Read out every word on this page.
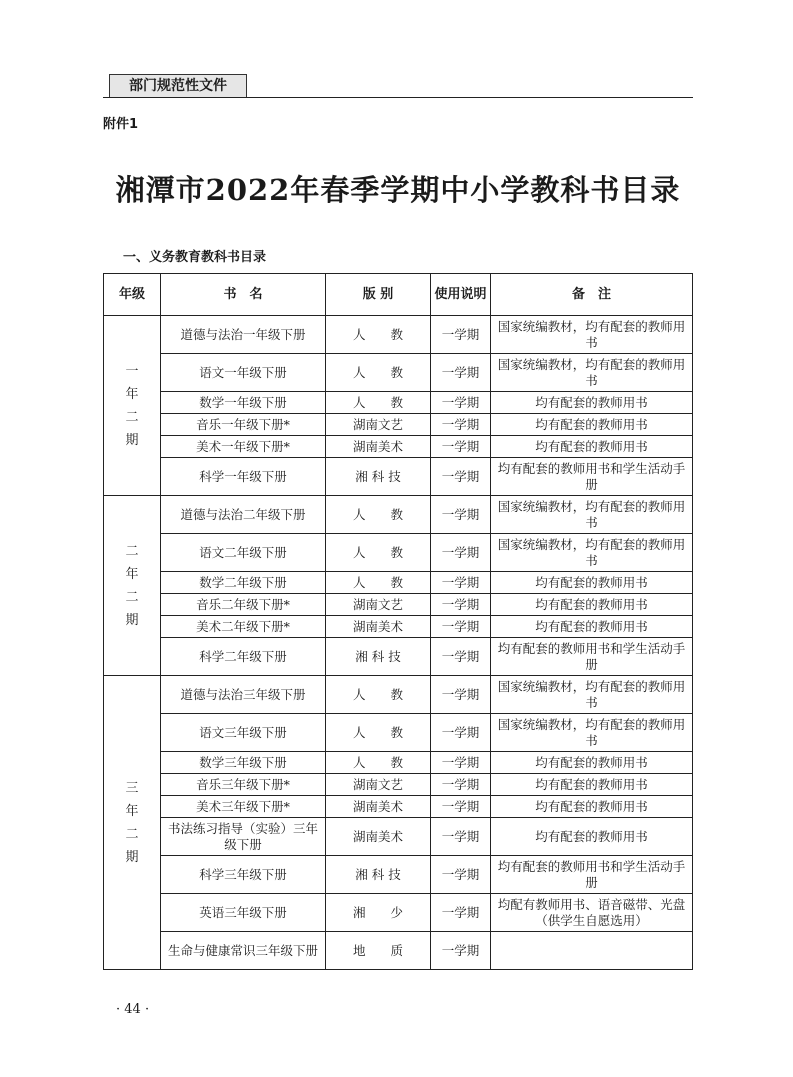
部门规范性文件
附件1
湘潭市2022年春季学期中小学教科书目录
一、义务教育教科书目录
年级	书　名	版 别	使用说明	备　注
一年二期	道德与法治一年级下册	人　　教	一学期	国家统编教材，均有配套的教师用书
	语文一年级下册	人　　教	一学期	国家统编教材，均有配套的教师用书
	数学一年级下册	人　　教	一学期	均有配套的教师用书
	音乐一年级下册*	湖南文艺	一学期	均有配套的教师用书
	美术一年级下册*	湖南美术	一学期	均有配套的教师用书
	科学一年级下册	湘 科 技	一学期	均有配套的教师用书和学生活动手册
二年二期	道德与法治二年级下册	人　　教	一学期	国家统编教材，均有配套的教师用书
	语文二年级下册	人　　教	一学期	国家统编教材，均有配套的教师用书
	数学二年级下册	人　　教	一学期	均有配套的教师用书
	音乐二年级下册*	湖南文艺	一学期	均有配套的教师用书
	美术二年级下册*	湖南美术	一学期	均有配套的教师用书
	科学二年级下册	湘 科 技	一学期	均有配套的教师用书和学生活动手册
三年二期	道德与法治三年级下册	人　　教	一学期	国家统编教材，均有配套的教师用书
	语文三年级下册	人　　教	一学期	国家统编教材，均有配套的教师用书
	数学三年级下册	人　　教	一学期	均有配套的教师用书
	音乐三年级下册*	湖南文艺	一学期	均有配套的教师用书
	美术三年级下册*	湖南美术	一学期	均有配套的教师用书
	书法练习指导（实验）三年级下册	湖南美术	一学期	均有配套的教师用书
	科学三年级下册	湘 科 技	一学期	均有配套的教师用书和学生活动手册
	英语三年级下册	湘　　少	一学期	均配有教师用书、语音磁带、光盘（供学生自愿选用）
	生命与健康常识三年级下册	地　　质	一学期	
· 44 ·
